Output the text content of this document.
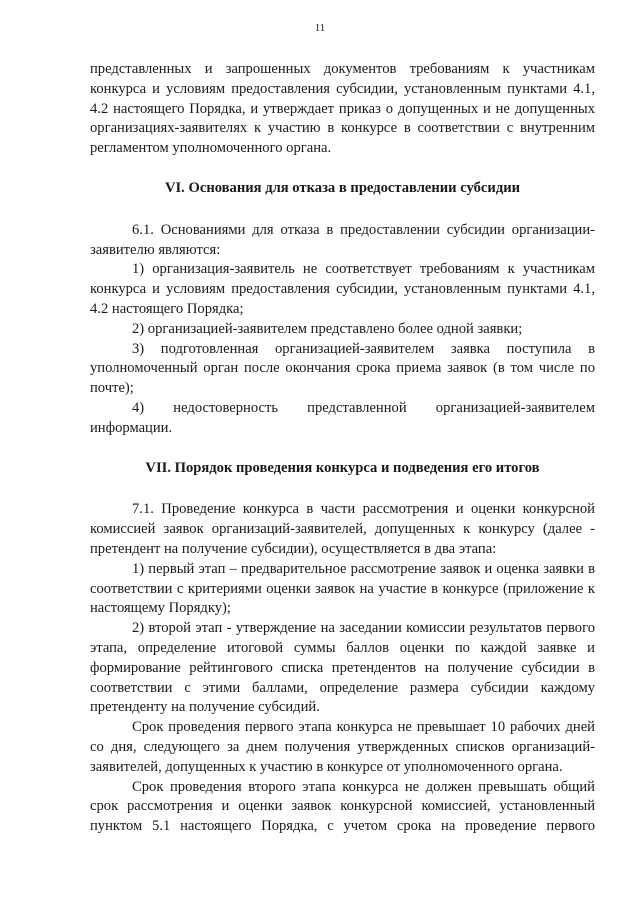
11

представленных и запрошенных документов требованиям к участникам конкурса и условиям предоставления субсидии, установленным пунктами 4.1, 4.2 настоящего Порядка, и утверждает приказ о допущенных и не допущенных организациях-заявителях к участию в конкурсе в соответствии с внутренним регламентом уполномоченного органа.

VI. Основания для отказа в предоставлении субсидии

6.1. Основаниями для отказа в предоставлении субсидии организации-заявителю являются:

1) организация-заявитель не соответствует требованиям к участникам конкурса и условиям предоставления субсидии, установленным пунктами 4.1, 4.2 настоящего Порядка;

2) организацией-заявителем представлено более одной заявки;

3) подготовленная организацией-заявителем заявка поступила в уполномоченный орган после окончания срока приема заявок (в том числе по почте);

4) недостоверность представленной организацией-заявителем информации.

VII. Порядок проведения конкурса и подведения его итогов

7.1. Проведение конкурса в части рассмотрения и оценки конкурсной комиссией заявок организаций-заявителей, допущенных к конкурсу (далее - претендент на получение субсидии), осуществляется в два этапа:

1) первый этап – предварительное рассмотрение заявок и оценка заявки в соответствии с критериями оценки заявок на участие в конкурсе (приложение к настоящему Порядку);

2) второй этап - утверждение на заседании комиссии результатов первого этапа, определение итоговой суммы баллов оценки по каждой заявке и формирование рейтингового списка претендентов на получение субсидии в соответствии с этими баллами, определение размера субсидии каждому претенденту на получение субсидий.

Срок проведения первого этапа конкурса не превышает 10 рабочих дней со дня, следующего за днем получения утвержденных списков организаций-заявителей, допущенных к участию в конкурсе от уполномоченного органа.

Срок проведения второго этапа конкурса не должен превышать общий срок рассмотрения и оценки заявок конкурсной комиссией, установленный пунктом 5.1 настоящего Порядка, с учетом срока на проведение первого
